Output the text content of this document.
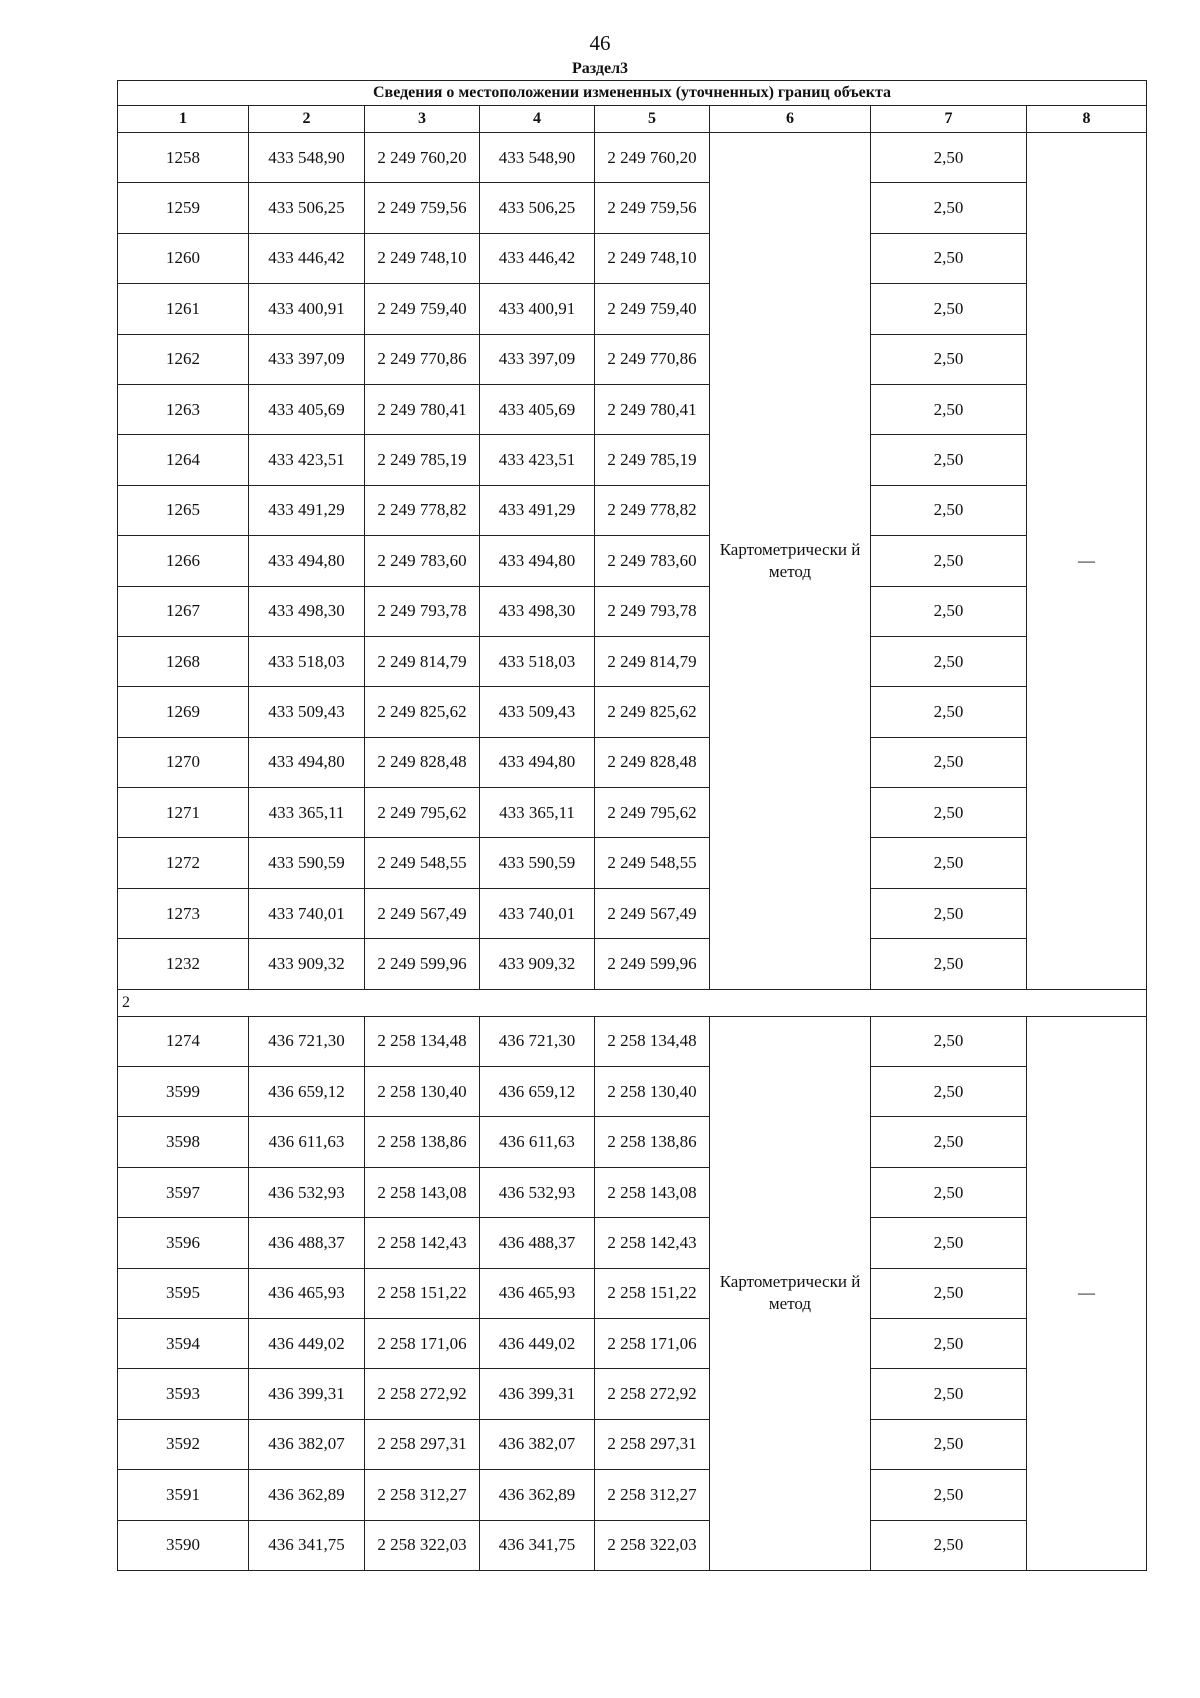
46
Раздел3
Сведения о местоположении измененных (уточненных) границ объекта							
1	2	3	4	5	6	7	8
1258	433 548,90	2 249 760,20	433 548,90	2 249 760,20	Картометрически й метод	2,50	—
1259	433 506,25	2 249 759,56	433 506,25	2 249 759,56		2,50	
1260	433 446,42	2 249 748,10	433 446,42	2 249 748,10		2,50	
1261	433 400,91	2 249 759,40	433 400,91	2 249 759,40		2,50	
1262	433 397,09	2 249 770,86	433 397,09	2 249 770,86		2,50	
1263	433 405,69	2 249 780,41	433 405,69	2 249 780,41		2,50	
1264	433 423,51	2 249 785,19	433 423,51	2 249 785,19		2,50	
1265	433 491,29	2 249 778,82	433 491,29	2 249 778,82		2,50	
1266	433 494,80	2 249 783,60	433 494,80	2 249 783,60		2,50	
1267	433 498,30	2 249 793,78	433 498,30	2 249 793,78		2,50	
1268	433 518,03	2 249 814,79	433 518,03	2 249 814,79		2,50	
1269	433 509,43	2 249 825,62	433 509,43	2 249 825,62		2,50	
1270	433 494,80	2 249 828,48	433 494,80	2 249 828,48		2,50	
1271	433 365,11	2 249 795,62	433 365,11	2 249 795,62		2,50	
1272	433 590,59	2 249 548,55	433 590,59	2 249 548,55		2,50	
1273	433 740,01	2 249 567,49	433 740,01	2 249 567,49		2,50	
1232	433 909,32	2 249 599,96	433 909,32	2 249 599,96		2,50	
2							
1274	436 721,30	2 258 134,48	436 721,30	2 258 134,48	Картометрически й метод	2,50	—
3599	436 659,12	2 258 130,40	436 659,12	2 258 130,40		2,50	
3598	436 611,63	2 258 138,86	436 611,63	2 258 138,86		2,50	
3597	436 532,93	2 258 143,08	436 532,93	2 258 143,08		2,50	
3596	436 488,37	2 258 142,43	436 488,37	2 258 142,43		2,50	
3595	436 465,93	2 258 151,22	436 465,93	2 258 151,22		2,50	
3594	436 449,02	2 258 171,06	436 449,02	2 258 171,06		2,50	
3593	436 399,31	2 258 272,92	436 399,31	2 258 272,92		2,50	
3592	436 382,07	2 258 297,31	436 382,07	2 258 297,31		2,50	
3591	436 362,89	2 258 312,27	436 362,89	2 258 312,27		2,50	
3590	436 341,75	2 258 322,03	436 341,75	2 258 322,03		2,50	
